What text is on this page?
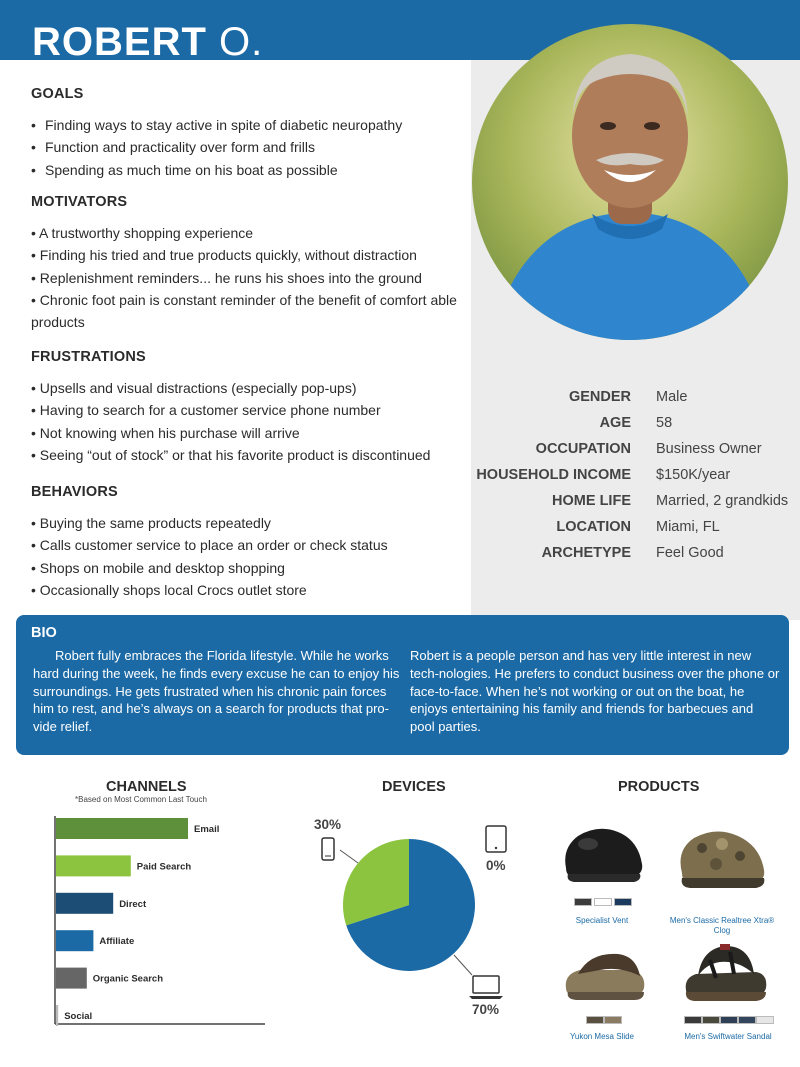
ROBERT O.
GOALS
• Finding ways to stay active in spite of diabetic neuropathy
• Function and practicality over form and frills
• Spending as much time on his boat as possible
MOTIVATORS
• A trustworthy shopping experience
• Finding his tried and true products quickly, without distraction
• Replenishment reminders... he runs his shoes into the ground
• Chronic foot pain is constant reminder of the benefit of comfort able products
FRUSTRATIONS
• Upsells and visual distractions (especially pop-ups)
• Having to search for a customer service phone number
• Not knowing when his purchase will arrive
• Seeing “out of stock” or that his favorite product is discontinued
BEHAVIORS
• Buying the same products repeatedly
• Calls customer service to place an order or check status
• Shops on mobile and desktop shopping
• Occasionally shops local Crocs outlet store
GENDER Male
AGE 58
OCCUPATION Business Owner
HOUSEHOLD INCOME $150K/year
HOME LIFE Married, 2 grandkids
LOCATION Miami, FL
ARCHETYPE Feel Good
BIO
Robert fully embraces the Florida lifestyle. While he works hard during the week, he finds every excuse he can to enjoy his surroundings. He gets frustrated when his chronic pain forces him to rest, and he’s always on a search for products that pro-vide relief.
Robert is a people person and has very little interest in new tech-nologies. He prefers to conduct business over the phone or face-to-face. When he’s not working or out on the boat, he enjoys entertaining his family and friends for barbecues and pool parties.
CHANNELS
*Based on Most Common Last Touch
Email
Paid Search
Direct
Affiliate
Organic Search
Social
DEVICES
30%
0%
70%
PRODUCTS
Specialist Vent	Men's Classic Realtree Xtra® Clog
Yukon Mesa Slide	Men's Swiftwater Sandal
